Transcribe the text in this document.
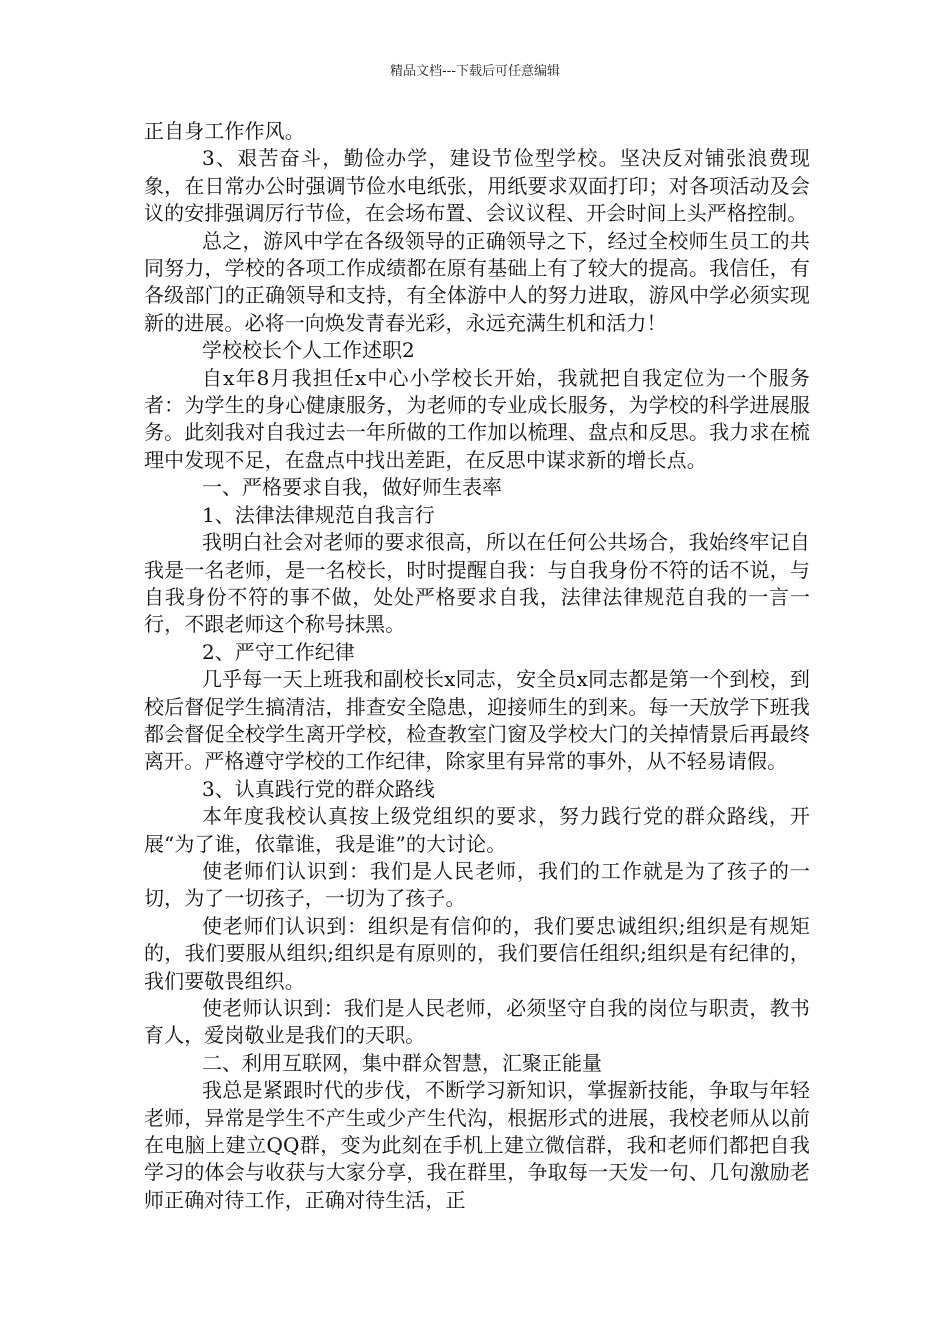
精品文档---下载后可任意编辑

正自身工作作风。

3、艰苦奋斗，勤俭办学，建设节俭型学校。坚决反对铺张浪费现象，在日常办公时强调节俭水电纸张，用纸要求双面打印；对各项活动及会议的安排强调厉行节俭，在会场布置、会议议程、开会时间上头严格控制。

总之，游风中学在各级领导的正确领导之下，经过全校师生员工的共同努力，学校的各项工作成绩都在原有基础上有了较大的提高。我信任，有各级部门的正确领导和支持，有全体游中人的努力进取，游风中学必须实现新的进展。必将一向焕发青春光彩，永远充满生机和活力！

学校校长个人工作述职2

自x年8月我担任x中心小学校长开始，我就把自我定位为一个服务者：为学生的身心健康服务，为老师的专业成长服务，为学校的科学进展服务。此刻我对自我过去一年所做的工作加以梳理、盘点和反思。我力求在梳理中发现不足，在盘点中找出差距，在反思中谋求新的增长点。

一、严格要求自我，做好师生表率

1、法律法律规范自我言行

我明白社会对老师的要求很高，所以在任何公共场合，我始终牢记自我是一名老师，是一名校长，时时提醒自我：与自我身份不符的话不说，与自我身份不符的事不做，处处严格要求自我，法律法律规范自我的一言一行，不跟老师这个称号抹黑。

2、严守工作纪律

几乎每一天上班我和副校长x同志，安全员x同志都是第一个到校，到校后督促学生搞清洁，排查安全隐患，迎接师生的到来。每一天放学下班我都会督促全校学生离开学校，检查教室门窗及学校大门的关掉情景后再最终离开。严格遵守学校的工作纪律，除家里有异常的事外，从不轻易请假。

3、认真践行党的群众路线

本年度我校认真按上级党组织的要求，努力践行党的群众路线，开展“为了谁，依靠谁，我是谁”的大讨论。

使老师们认识到：我们是人民老师，我们的工作就是为了孩子的一切，为了一切孩子，一切为了孩子。

使老师们认识到：组织是有信仰的，我们要忠诚组织;组织是有规矩的，我们要服从组织;组织是有原则的，我们要信任组织;组织是有纪律的，我们要敬畏组织。

使老师认识到：我们是人民老师，必须坚守自我的岗位与职责，教书育人，爱岗敬业是我们的天职。

二、利用互联网，集中群众智慧，汇聚正能量

我总是紧跟时代的步伐，不断学习新知识，掌握新技能，争取与年轻老师，异常是学生不产生或少产生代沟，根据形式的进展，我校老师从以前在电脑上建立QQ群，变为此刻在手机上建立微信群，我和老师们都把自我学习的体会与收获与大家分享，我在群里，争取每一天发一句、几句激励老师正确对待工作，正确对待生活，正
